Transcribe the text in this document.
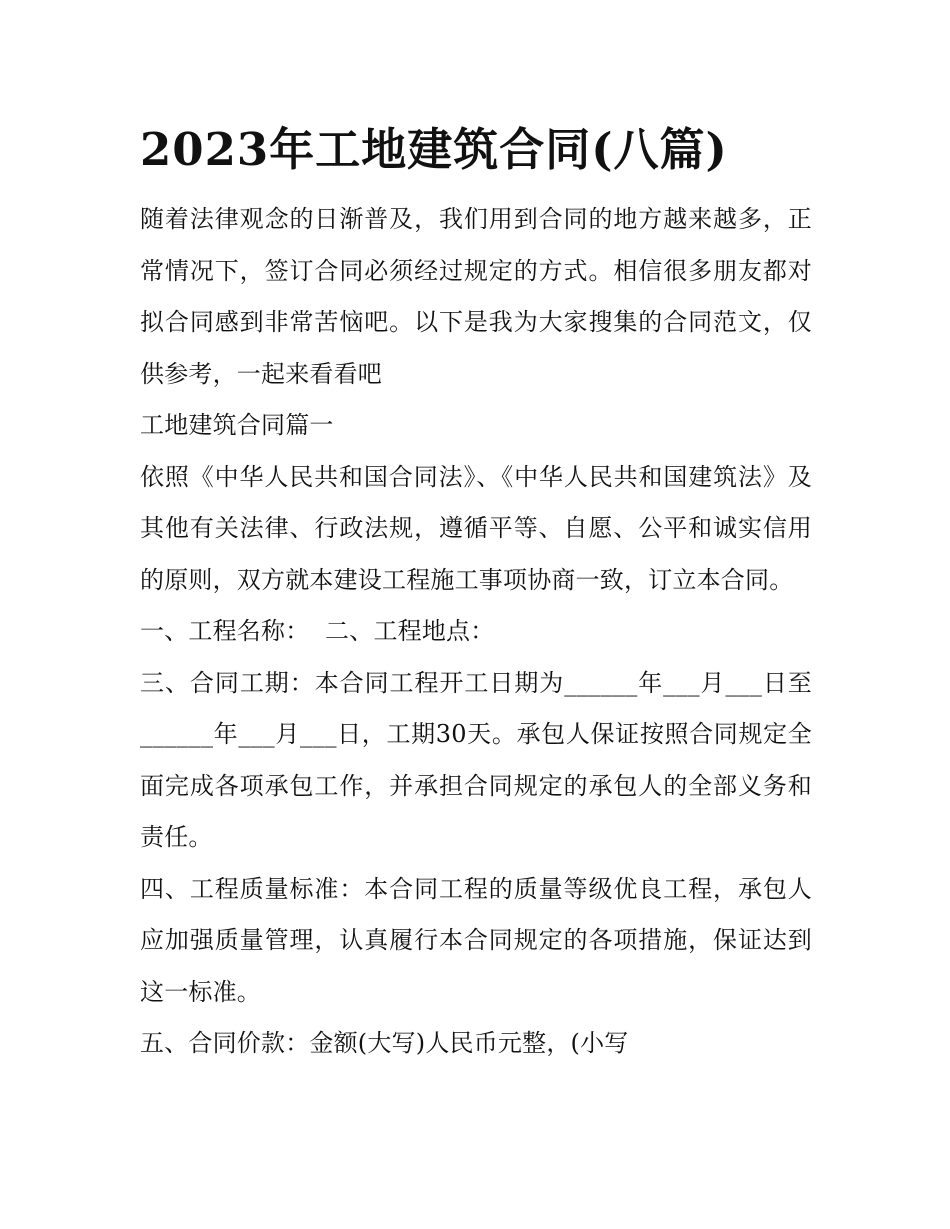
2023年工地建筑合同(八篇)

随着法律观念的日渐普及，我们用到合同的地方越来越多，正常情况下，签订合同必须经过规定的方式。相信很多朋友都对拟合同感到非常苦恼吧。以下是我为大家搜集的合同范文，仅供参考，一起来看看吧

工地建筑合同篇一

依照《中华人民共和国合同法》、《中华人民共和国建筑法》及其他有关法律、行政法规，遵循平等、自愿、公平和诚实信用的原则，双方就本建设工程施工事项协商一致，订立本合同。

一、工程名称：  二、工程地点：

三、合同工期：本合同工程开工日期为______年___月___日至______年___月___日，工期30天。承包人保证按照合同规定全面完成各项承包工作，并承担合同规定的承包人的全部义务和责任。

四、工程质量标准：本合同工程的质量等级优良工程，承包人应加强质量管理，认真履行本合同规定的各项措施，保证达到这一标准。

五、合同价款：金额(大写)人民币元整，(小写
